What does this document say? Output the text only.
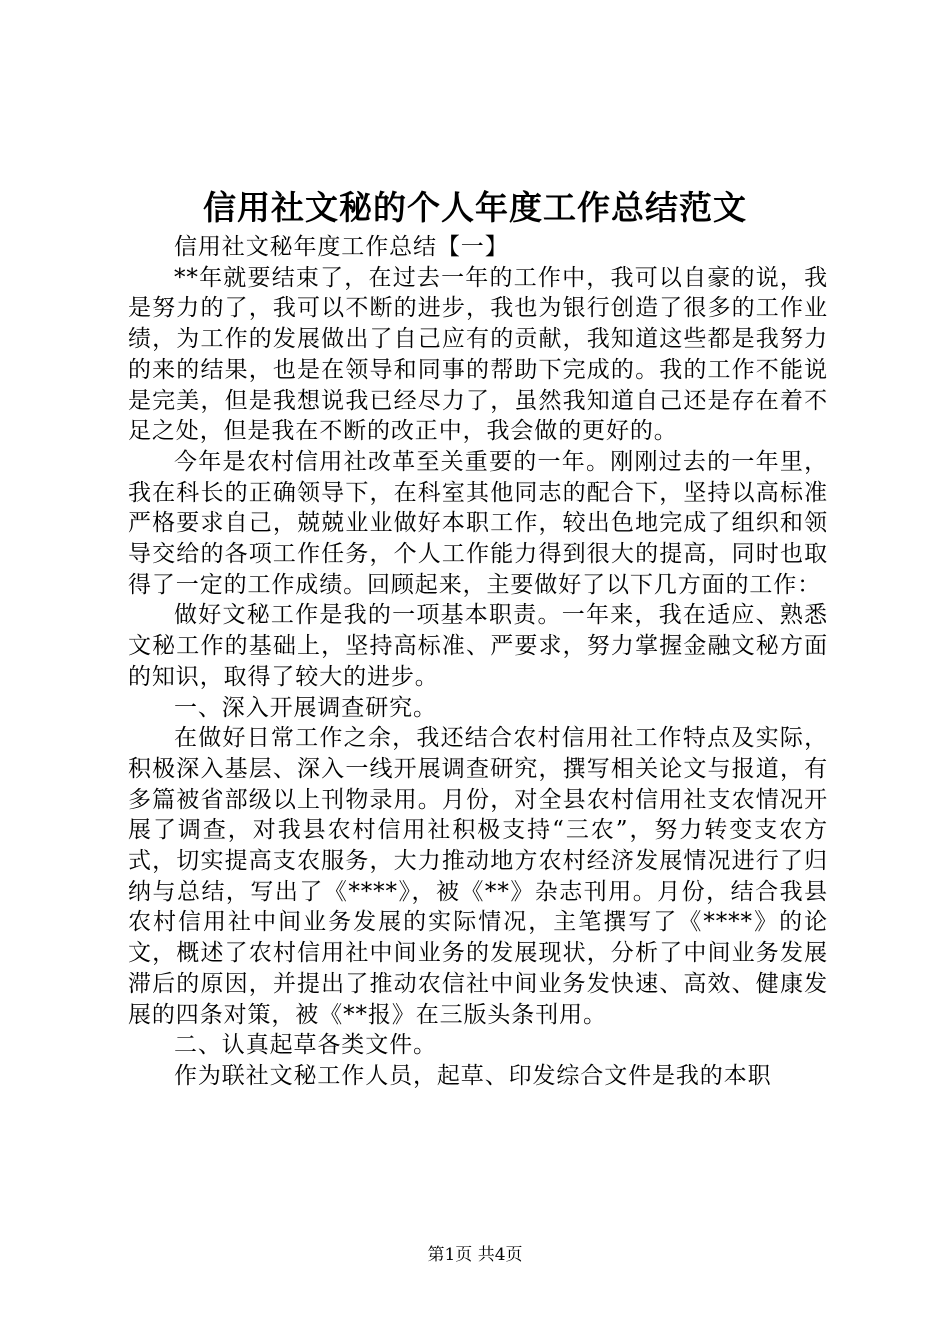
信用社文秘的个人年度工作总结范文

信用社文秘年度工作总结【一】

**年就要结束了，在过去一年的工作中，我可以自豪的说，我是努力的了，我可以不断的进步，我也为银行创造了很多的工作业绩，为工作的发展做出了自己应有的贡献，我知道这些都是我努力的来的结果，也是在领导和同事的帮助下完成的。我的工作不能说是完美，但是我想说我已经尽力了，虽然我知道自己还是存在着不足之处，但是我在不断的改正中，我会做的更好的。

今年是农村信用社改革至关重要的一年。刚刚过去的一年里，我在科长的正确领导下，在科室其他同志的配合下，坚持以高标准严格要求自己，兢兢业业做好本职工作，较出色地完成了组织和领导交给的各项工作任务，个人工作能力得到很大的提高，同时也取得了一定的工作成绩。回顾起来，主要做好了以下几方面的工作：

做好文秘工作是我的一项基本职责。一年来，我在适应、熟悉文秘工作的基础上，坚持高标准、严要求，努力掌握金融文秘方面的知识，取得了较大的进步。

一、深入开展调查研究。

在做好日常工作之余，我还结合农村信用社工作特点及实际，积极深入基层、深入一线开展调查研究，撰写相关论文与报道，有多篇被省部级以上刊物录用。月份，对全县农村信用社支农情况开展了调查，对我县农村信用社积极支持“三农”，努力转变支农方式，切实提高支农服务，大力推动地方农村经济发展情况进行了归纳与总结，写出了《****》，被《**》杂志刊用。月份，结合我县农村信用社中间业务发展的实际情况，主笔撰写了《****》的论文，概述了农村信用社中间业务的发展现状，分析了中间业务发展滞后的原因，并提出了推动农信社中间业务发快速、高效、健康发展的四条对策，被《**报》在三版头条刊用。

二、认真起草各类文件。

作为联社文秘工作人员，起草、印发综合文件是我的本职

第1页 共4页
